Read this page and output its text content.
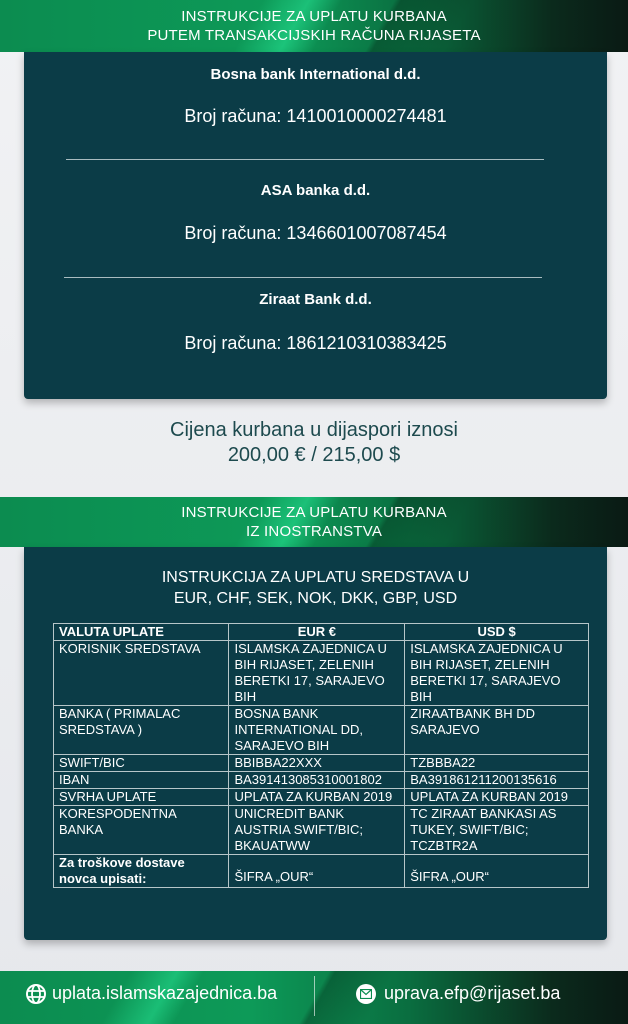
INSTRUKCIJE ZA UPLATU KURBANA
PUTEM TRANSAKCIJSKIH RAČUNA RIJASETA
Bosna bank International d.d.
Broj računa: 1410010000274481
ASA banka d.d.
Broj računa: 1346601007087454
Ziraat Bank d.d.
Broj računa: 1861210310383425
Cijena kurbana u dijaspori iznosi
200,00 € / 215,00 $
INSTRUKCIJE ZA UPLATU KURBANA
IZ INOSTRANSTVA
INSTRUKCIJA ZA UPLATU SREDSTAVA U
EUR, CHF, SEK, NOK, DKK, GBP, USD
VALUTA UPLATE	EUR €	USD $
KORISNIK SREDSTAVA	ISLAMSKA ZAJEDNICA U BIH RIJASET, ZELENIH BERETKI 17, SARAJEVO BIH	ISLAMSKA ZAJEDNICA U BIH RIJASET, ZELENIH BERETKI 17, SARAJEVO BIH
BANKA ( PRIMALAC SREDSTAVA )	BOSNA BANK INTERNATIONAL DD, SARAJEVO BIH	ZIRAATBANK BH DD SARAJEVO
SWIFT/BIC	BBIBBA22XXX	TZBBBA22
IBAN	BA391413085310001802	BA391861211200135616
SVRHA UPLATE	UPLATA ZA KURBAN 2019	UPLATA ZA KURBAN 2019
KORESPODENTNA BANKA	UNICREDIT BANK AUSTRIA SWIFT/BIC; BKAUATWW	TC ZIRAAT BANKASI AS TUKEY, SWIFT/BIC; TCZBTR2A
Za troškove dostave novca upisati:	ŠIFRA „OUR“	ŠIFRA „OUR“
uplata.islamskazajednica.ba	uprava.efp@rijaset.ba
